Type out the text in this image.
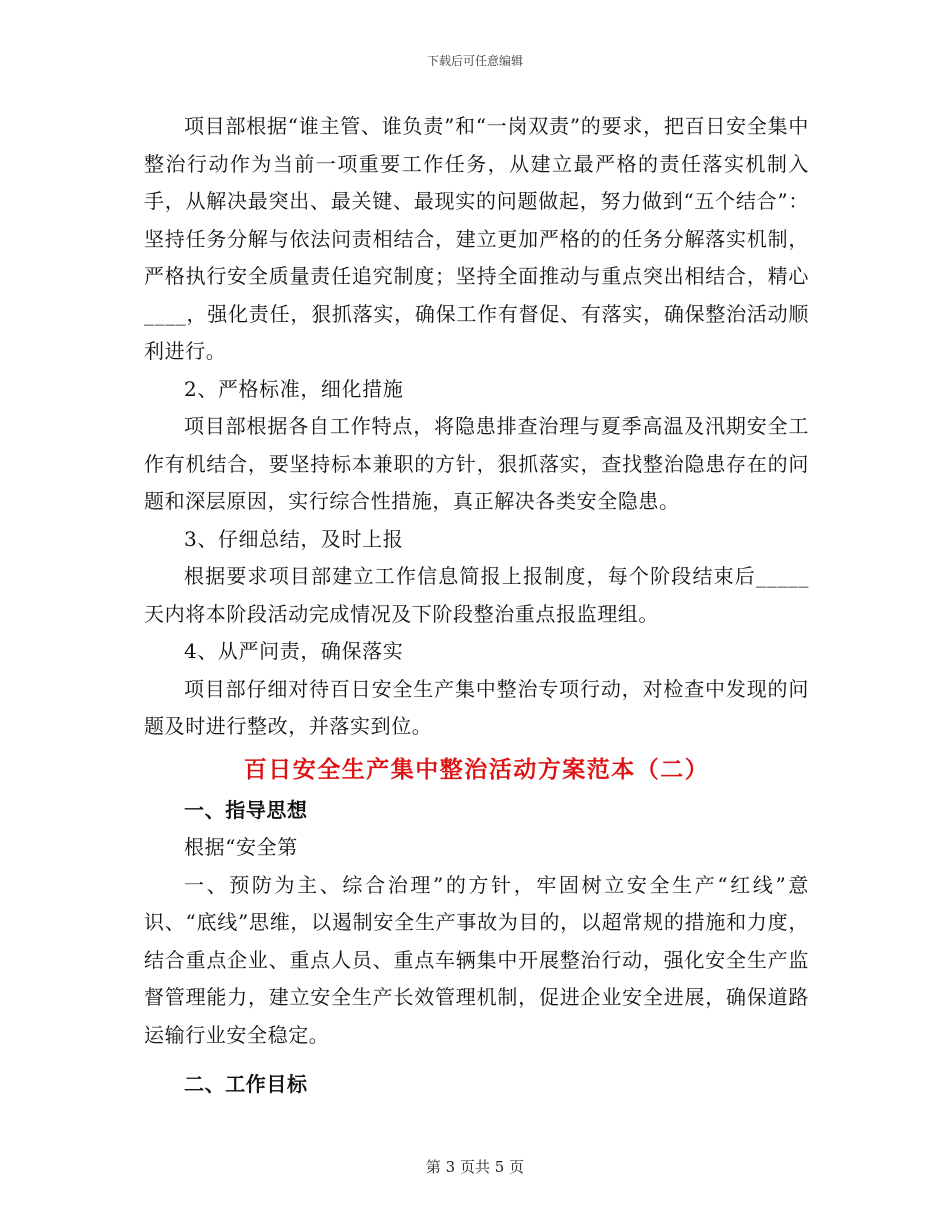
下载后可任意编辑

项目部根据“谁主管、谁负责”和“一岗双责”的要求，把百日安全集中整治行动作为当前一项重要工作任务，从建立最严格的责任落实机制入手，从解决最突出、最关键、最现实的问题做起，努力做到“五个结合”：坚持任务分解与依法问责相结合，建立更加严格的的任务分解落实机制，严格执行安全质量责任追究制度；坚持全面推动与重点突出相结合，精心____，强化责任，狠抓落实，确保工作有督促、有落实，确保整治活动顺利进行。

2、严格标准，细化措施

项目部根据各自工作特点，将隐患排查治理与夏季高温及汛期安全工作有机结合，要坚持标本兼职的方针，狠抓落实，查找整治隐患存在的问题和深层原因，实行综合性措施，真正解决各类安全隐患。

3、仔细总结，及时上报

根据要求项目部建立工作信息简报上报制度，每个阶段结束后_____天内将本阶段活动完成情况及下阶段整治重点报监理组。

4、从严问责，确保落实

项目部仔细对待百日安全生产集中整治专项行动，对检查中发现的问题及时进行整改，并落实到位。

百日安全生产集中整治活动方案范本（二）

一、指导思想

根据“安全第

一、预防为主、综合治理”的方针，牢固树立安全生产“红线”意识、“底线”思维，以遏制安全生产事故为目的，以超常规的措施和力度，结合重点企业、重点人员、重点车辆集中开展整治行动，强化安全生产监督管理能力，建立安全生产长效管理机制，促进企业安全进展，确保道路运输行业安全稳定。

二、工作目标

第 3 页共 5 页
